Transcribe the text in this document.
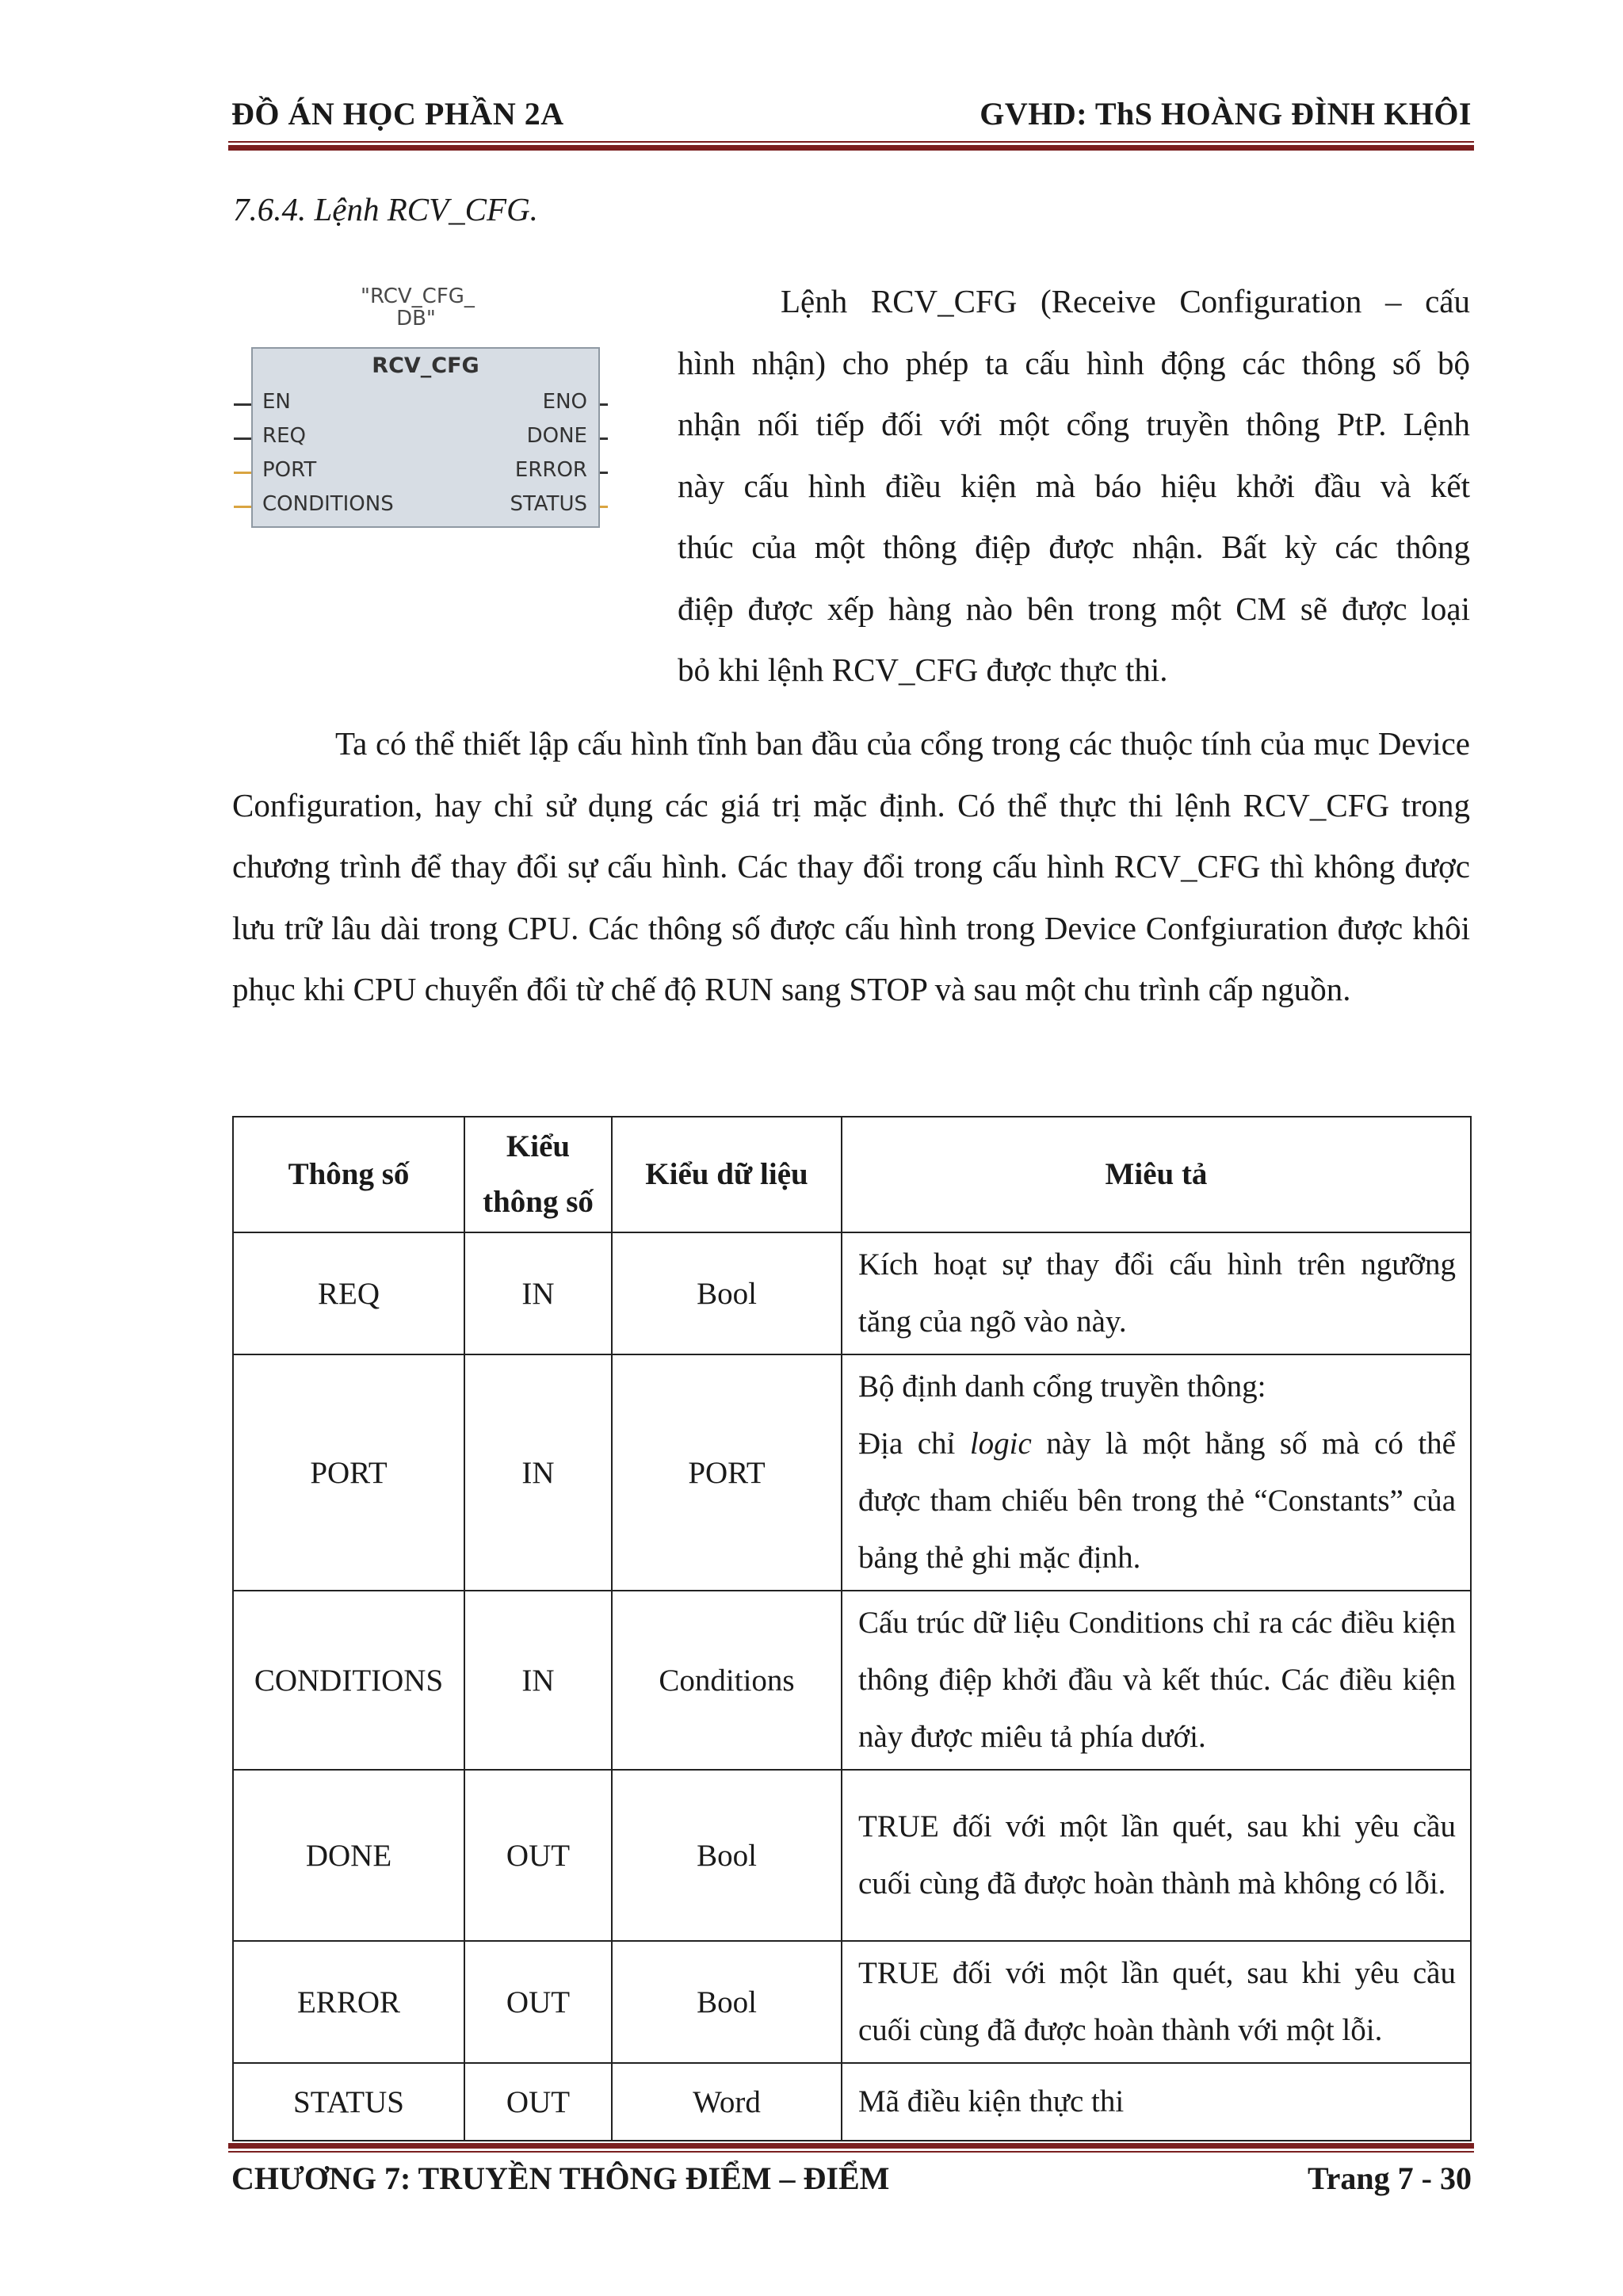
ĐỒ ÁN HỌC PHẦN 2A	GVHD: ThS HOÀNG ĐÌNH KHÔI
7.6.4. Lệnh RCV_CFG.
"RCV_CFG_
DB"
RCV_CFG
EN
REQ
PORT
CONDITIONS
ENO
DONE
ERROR
STATUS

Lệnh RCV_CFG (Receive Configuration – cấu

hình nhận) cho phép ta cấu hình động các thông số bộ

nhận nối tiếp đối với một cổng truyền thông PtP. Lệnh

này cấu hình điều kiện mà báo hiệu khởi đầu và kết

thúc của một thông điệp được nhận. Bất kỳ các thông

điệp được xếp hàng nào bên trong một CM sẽ được loại

bỏ khi lệnh RCV_CFG được thực thi.

Ta có thể thiết lập cấu hình tĩnh ban đầu của cổng trong các thuộc tính của mục Device Configuration, hay chỉ sử dụng các giá trị mặc định. Có thể thực thi lệnh RCV_CFG trong chương trình để thay đổi sự cấu hình. Các thay đổi trong cấu hình RCV_CFG thì không được lưu trữ lâu dài trong CPU. Các thông số được cấu hình trong Device Confgiuration được khôi phục khi CPU chuyển đổi từ chế độ RUN sang STOP và sau một chu trình cấp nguồn.

Thông số	Kiểu thông số	Kiểu dữ liệu	Miêu tả
REQ	IN	Bool	Kích hoạt sự thay đổi cấu hình trên ngưỡng tăng của ngõ vào này.
PORT	IN	PORT	Bộ định danh cổng truyền thông:
Địa chỉ logic này là một hằng số mà có thể được tham chiếu bên trong thẻ “Constants” của bảng thẻ ghi mặc định.
CONDITIONS	IN	Conditions	Cấu trúc dữ liệu Conditions chỉ ra các điều kiện thông điệp khởi đầu và kết thúc. Các điều kiện này được miêu tả phía dưới.
DONE	OUT	Bool	TRUE đối với một lần quét, sau khi yêu cầu cuối cùng đã được hoàn thành mà không có lỗi.
ERROR	OUT	Bool	TRUE đối với một lần quét, sau khi yêu cầu cuối cùng đã được hoàn thành với một lỗi.
STATUS	OUT	Word	Mã điều kiện thực thi
CHƯƠNG 7: TRUYỀN THÔNG ĐIỂM – ĐIỂM	Trang 7 - 30
